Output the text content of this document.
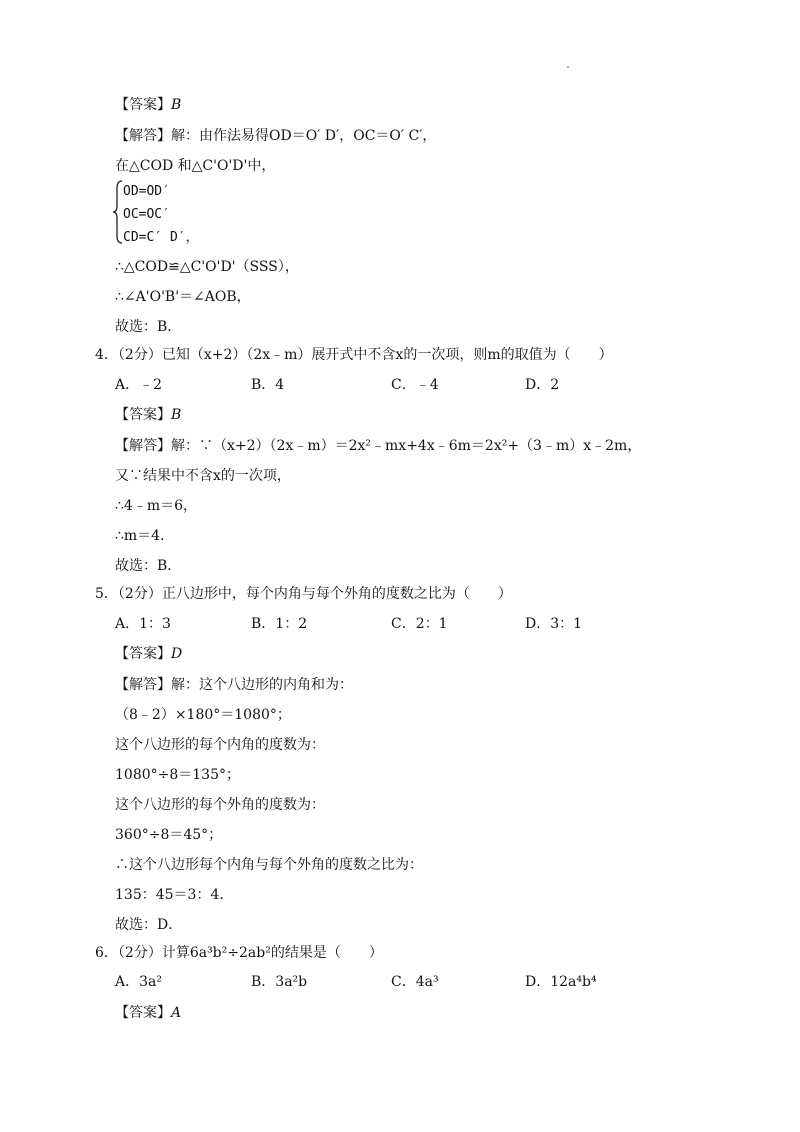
【答案】B
【解答】解：由作法易得OD＝O′ D′，OC＝O′ C′，
在△COD 和△C'O'D'中，
OD=OD′
OC=OC′
CD=C′ D′，
∴△COD≌△C'O'D'（SSS），
∴∠A'O'B'＝∠AOB，
故选：B．
4．（2分）已知（x+2）（2x﹣m）展开式中不含x的一次项，则m的取值为（　　）
A．﹣2	B．4	C．﹣4	D．2
【答案】B
【解答】解：∵（x+2）（2x﹣m）＝2x²﹣mx+4x﹣6m＝2x²+（3﹣m）x﹣2m，
又∵结果中不含x的一次项，
∴4﹣m＝6，
∴m＝4．
故选：B．
5．（2分）正八边形中，每个内角与每个外角的度数之比为（　　）
A．1：3	B．1：2	C．2：1	D．3：1
【答案】D
【解答】解：这个八边形的内角和为：
（8﹣2）×180°＝1080°；
这个八边形的每个内角的度数为：
1080°÷8＝135°；
这个八边形的每个外角的度数为：
360°÷8＝45°；
∴这个八边形每个内角与每个外角的度数之比为：
135：45＝3：4．
故选：D．
6．（2分）计算6a³b²÷2ab²的结果是（　　）
A．3a²	B．3a²b	C．4a³	D．12a⁴b⁴
【答案】A
